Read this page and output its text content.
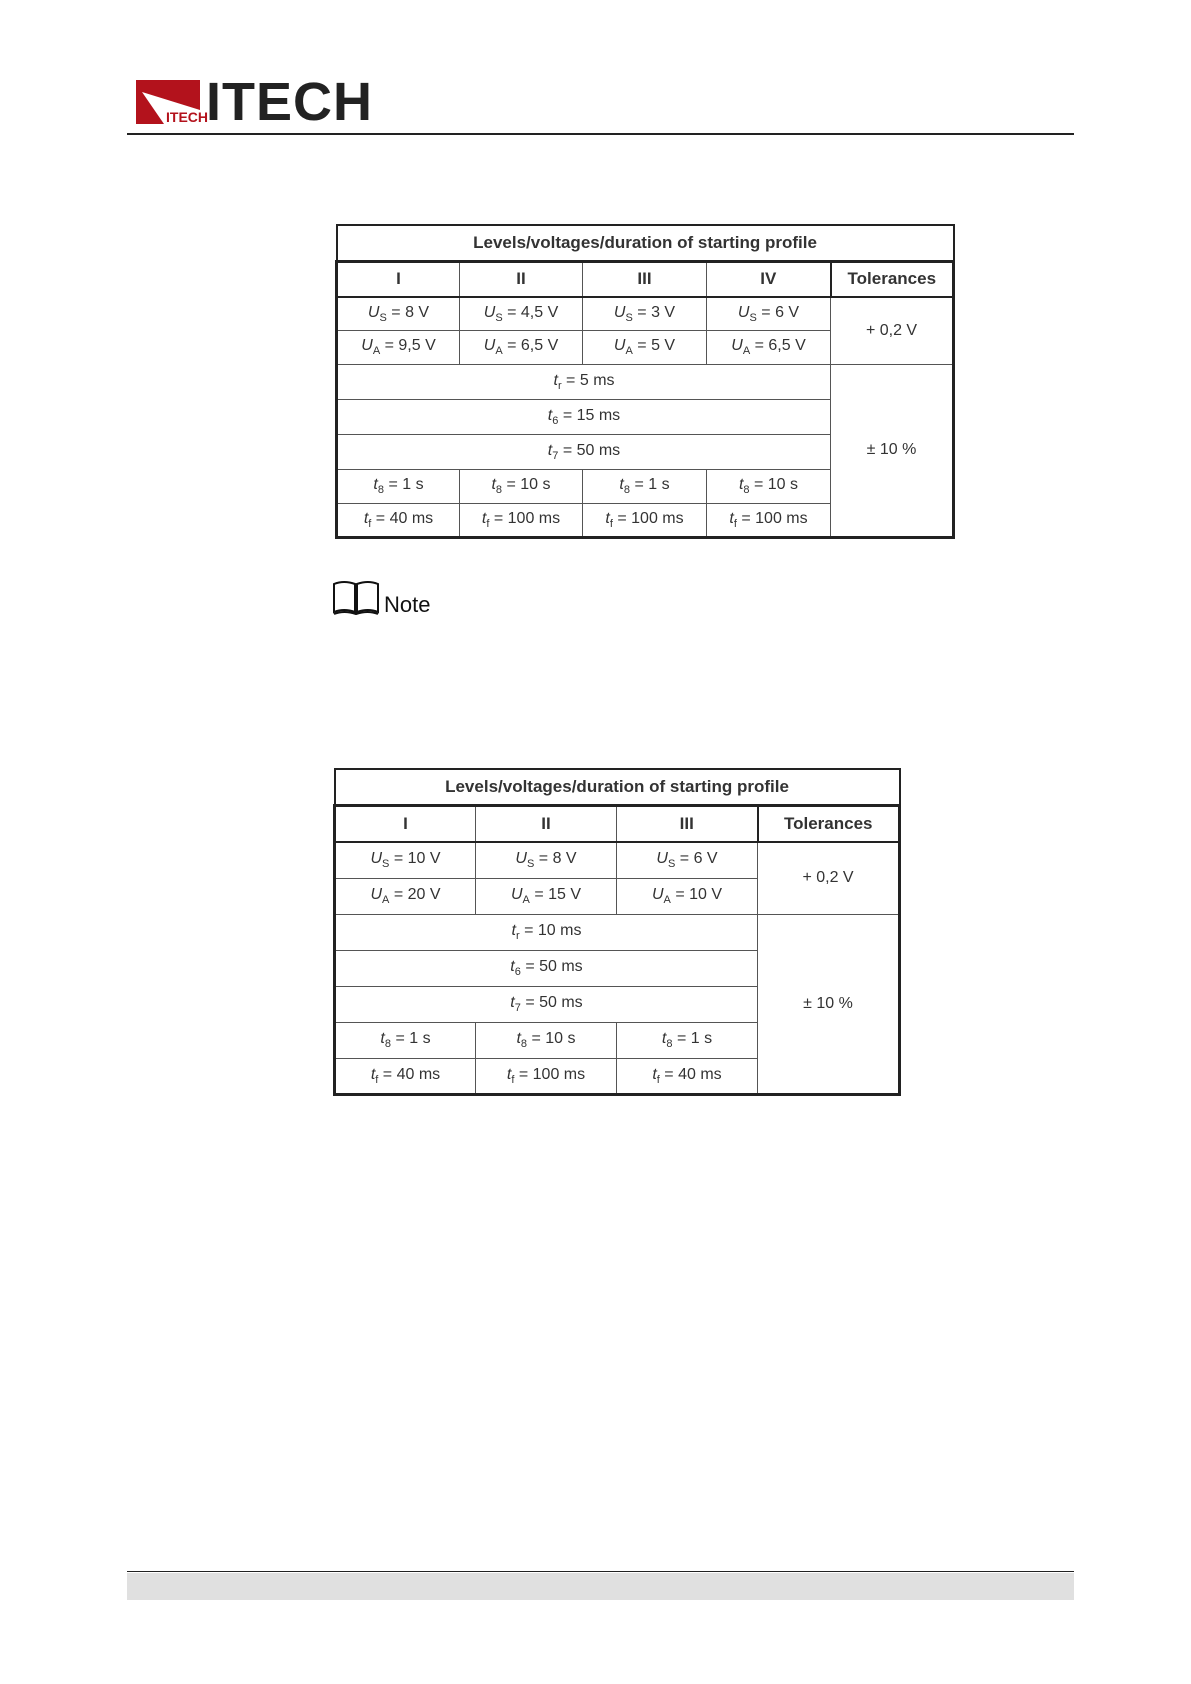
ITECH
ITECH
Levels/voltages/duration of starting profile				
I	II	III	IV	Tolerances
$U_S = 8$ V	$U_S = 4,5$ V	$U_S = 3$ V	$U_S = 6$ V	+ 0,2 V
$U_A = 9,5$ V	$U_A = 6,5$ V	$U_A = 5$ V	$U_A = 6,5$ V	
$t_r = 5$ ms				± 10 %
$t_6 = 15$ ms				
$t_7 = 50$ ms				
$t_8 = 1$ s	$t_8 = 10$ s	$t_8 = 1$ s	$t_8 = 10$ s	
$t_f = 40$ ms	$t_f = 100$ ms	$t_f = 100$ ms	$t_f = 100$ ms	
Note
Levels/voltages/duration of starting profile			
I	II	III	Tolerances
$U_S = 10$ V	$U_S = 8$ V	$U_S = 6$ V	+ 0,2 V
$U_A = 20$ V	$U_A = 15$ V	$U_A = 10$ V	
$t_r = 10$ ms			± 10 %
$t_6 = 50$ ms			
$t_7 = 50$ ms			
$t_8 = 1$ s	$t_8 = 10$ s	$t_8 = 1$ s	
$t_f = 40$ ms	$t_f = 100$ ms	$t_f = 40$ ms	
